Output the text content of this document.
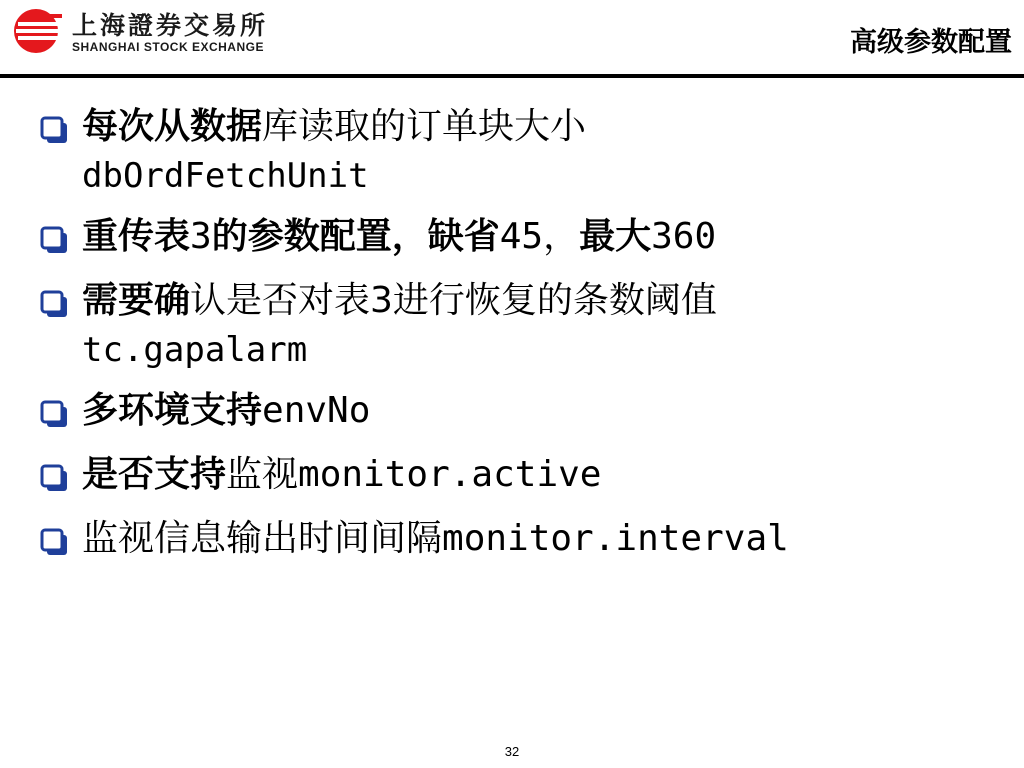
上海證券交易所
SHANGHAI STOCK EXCHANGE	高级参数配置
每次从数据库读取的订单块大小
dbOrdFetchUnit
重传表3的参数配置，缺省45，最大360
需要确认是否对表3进行恢复的条数阈值
tc.gapalarm
多环境支持envNo
是否支持监视monitor.active
监视信息输出时间间隔monitor.interval
32
